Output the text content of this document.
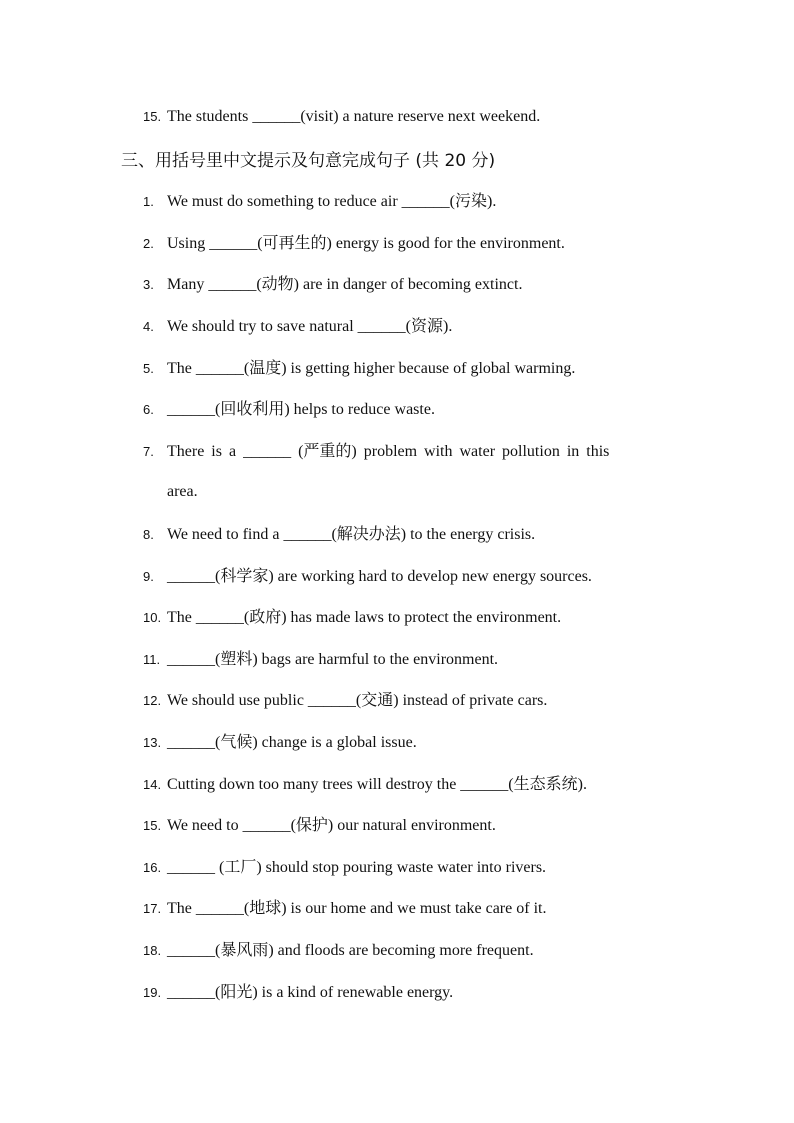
15. The students ______(visit) a nature reserve next weekend.
三、用括号里中文提示及句意完成句子 (共 20 分)
1. We must do something to reduce air ______(污染).
2. Using ______(可再生的) energy is good for the environment.
3. Many ______(动物) are in danger of becoming extinct.
4. We should try to save natural ______(资源).
5. The ______(温度) is getting higher because of global warming.
6. ______(回收利用) helps to reduce waste.
7. There is a ______ (严重的) problem with water pollution in this
area.
8. We need to find a ______(解决办法) to the energy crisis.
9. ______(科学家) are working hard to develop new energy sources.
10. The ______(政府) has made laws to protect the environment.
11. ______(塑料) bags are harmful to the environment.
12. We should use public ______(交通) instead of private cars.
13. ______(气候) change is a global issue.
14. Cutting down too many trees will destroy the ______(生态系统).
15. We need to ______(保护) our natural environment.
16. ______ (工厂) should stop pouring waste water into rivers.
17. The ______(地球) is our home and we must take care of it.
18. ______(暴风雨) and floods are becoming more frequent.
19. ______(阳光) is a kind of renewable energy.
